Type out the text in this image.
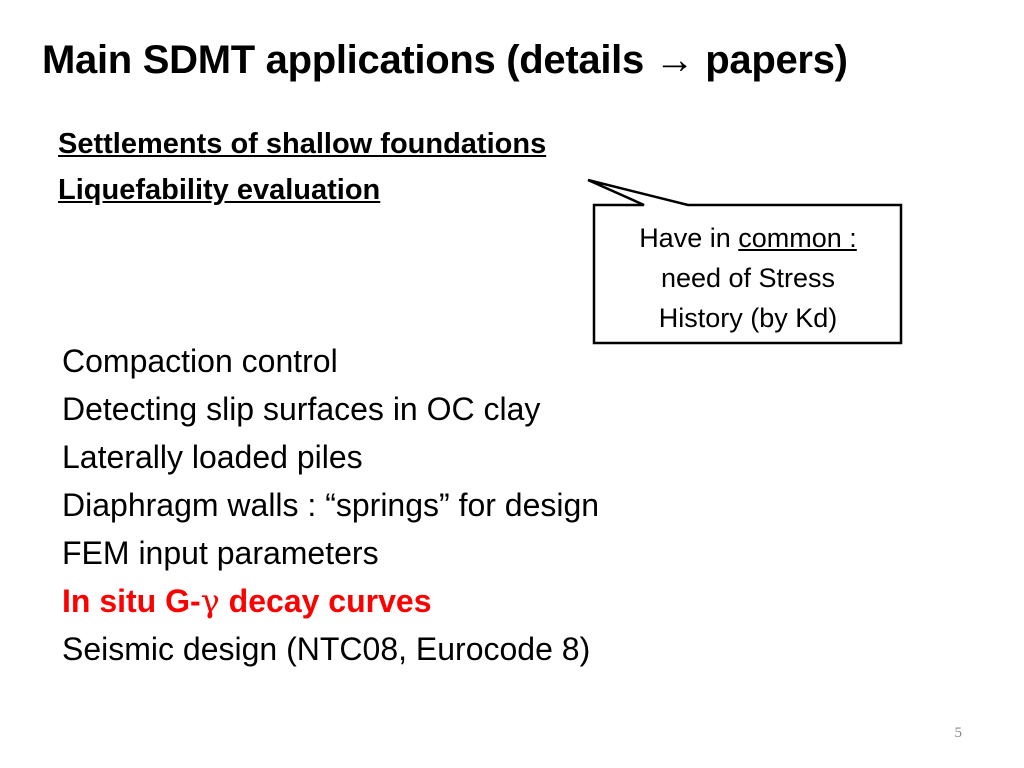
Main SDMT applications (details → papers)
Settlements of shallow foundations
Liquefability evaluation
Have in common :
need of Stress
History (by Kd)
Compaction control
Detecting slip surfaces in OC clay
Laterally loaded piles
Diaphragm walls : “springs” for design
FEM input parameters
In situ G-γ decay curves
Seismic design (NTC08, Eurocode 8)
5
